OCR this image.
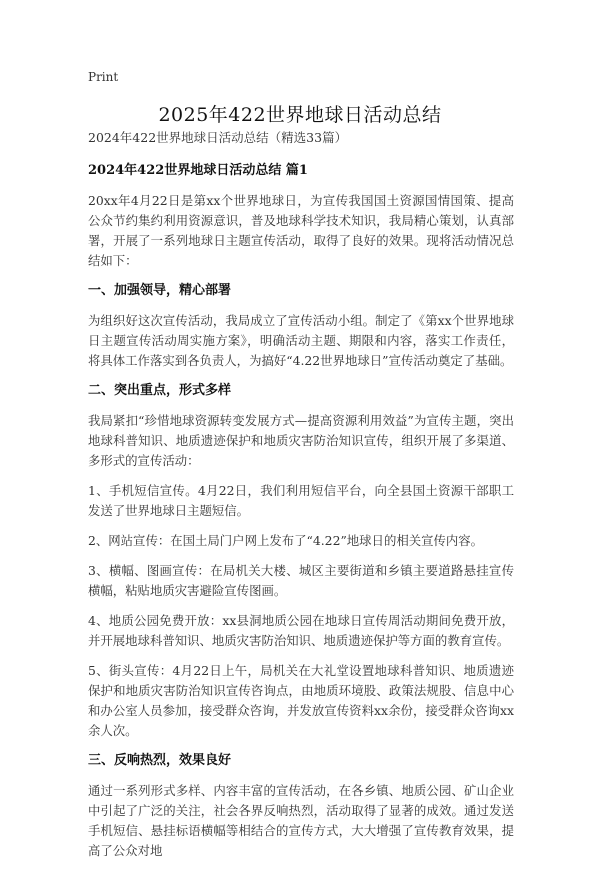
Print
2025年422世界地球日活动总结
2024年422世界地球日活动总结（精选33篇）
2024年422世界地球日活动总结 篇1
20xx年4月22日是第xx个世界地球日，为宣传我国国土资源国情国策、提高公众节约集约利用资源意识，普及地球科学技术知识，我局精心策划，认真部署，开展了一系列地球日主题宣传活动，取得了良好的效果。现将活动情况总结如下：
一、加强领导，精心部署
为组织好这次宣传活动，我局成立了宣传活动小组。制定了《第xx个世界地球日主题宣传活动周实施方案》，明确活动主题、期限和内容，落实工作责任，将具体工作落实到各负责人，为搞好“4.22世界地球日”宣传活动奠定了基础。
二、突出重点，形式多样
我局紧扣“珍惜地球资源转变发展方式—提高资源利用效益”为宣传主题，突出地球科普知识、地质遗迹保护和地质灾害防治知识宣传，组织开展了多渠道、多形式的宣传活动：
1、手机短信宣传。4月22日，我们利用短信平台，向全县国土资源干部职工发送了世界地球日主题短信。
2、网站宣传：在国土局门户网上发布了“4.22”地球日的相关宣传内容。
3、横幅、图画宣传：在局机关大楼、城区主要街道和乡镇主要道路悬挂宣传横幅，粘贴地质灾害避险宣传图画。
4、地质公园免费开放：xx县洞地质公园在地球日宣传周活动期间免费开放，并开展地球科普知识、地质灾害防治知识、地质遗迹保护等方面的教育宣传。
5、街头宣传：4月22日上午，局机关在大礼堂设置地球科普知识、地质遗迹保护和地质灾害防治知识宣传咨询点，由地质环境股、政策法规股、信息中心和办公室人员参加，接受群众咨询，并发放宣传资料xx余份，接受群众咨询xx余人次。
三、反响热烈，效果良好
通过一系列形式多样、内容丰富的宣传活动，在各乡镇、地质公园、矿山企业中引起了广泛的关注，社会各界反响热烈，活动取得了显著的成效。通过发送手机短信、悬挂标语横幅等相结合的宣传方式，大大增强了宣传教育效果，提高了公众对地
